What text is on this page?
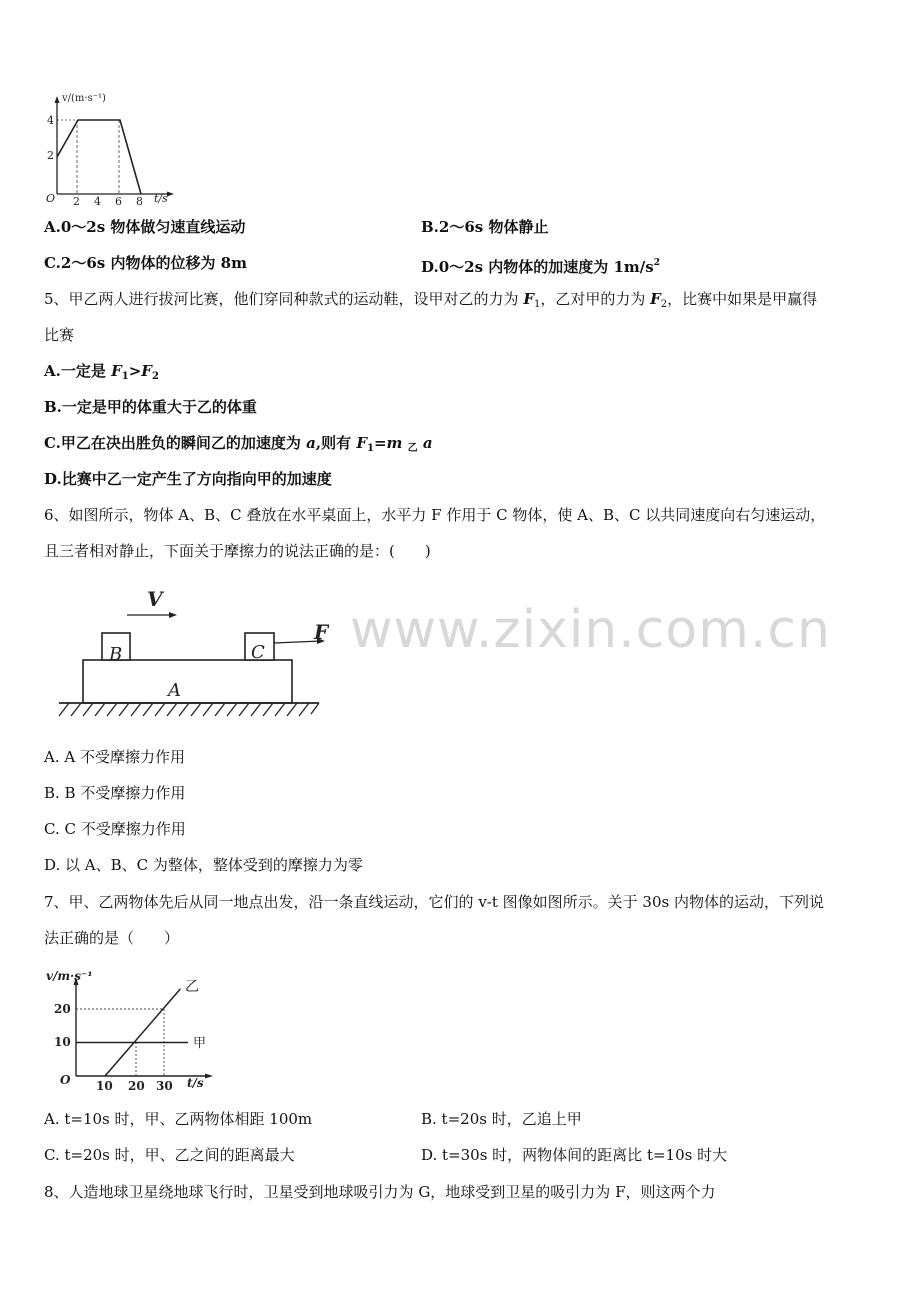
v/(m·s⁻¹)
4
2
O 2 4 6 8 t/s
A.0～2s 物体做匀速直线运动	B.2～6s 物体静止
C.2～6s 内物体的位移为 8m	D.0～2s 内物体的加速度为 $1m/s^2$
5、甲乙两人进行拔河比赛，他们穿同种款式的运动鞋，设甲对乙的力为 $F_1$，乙对甲的力为 $F_2$，比赛中如果是甲赢得
比赛
A.一定是 $F_1>F_2$
B.一定是甲的体重大于乙的体重
C.甲乙在决出胜负的瞬间乙的加速度为 a,则有 $F_1=m$ $_乙$ a
D.比赛中乙一定产生了方向指向甲的加速度
6、如图所示，物体 A、B、C 叠放在水平桌面上，水平力 F 作用于 C 物体，使 A、B、C 以共同速度向右匀速运动，
且三者相对静止，下面关于摩擦力的说法正确的是：(　　)
V
A
B	C
F www.zixin.com.cn
A. A 不受摩擦力作用
B. B 不受摩擦力作用
C. C 不受摩擦力作用
D. 以 A、B、C 为整体，整体受到的摩擦力为零
7、甲、乙两物体先后从同一地点出发，沿一条直线运动，它们的 v-t 图像如图所示。关于 30s 内物体的运动，下列说
法正确的是（　　）
v/m·s⁻¹
20
10
O 10 20 30 t/s
甲
乙
A. t=10s 时，甲、乙两物体相距 100m	B. t=20s 时，乙追上甲
C. t=20s 时，甲、乙之间的距离最大	D. t=30s 时，两物体间的距离比 t=10s 时大
8、人造地球卫星绕地球飞行时，卫星受到地球吸引力为 G，地球受到卫星的吸引力为 F，则这两个力
